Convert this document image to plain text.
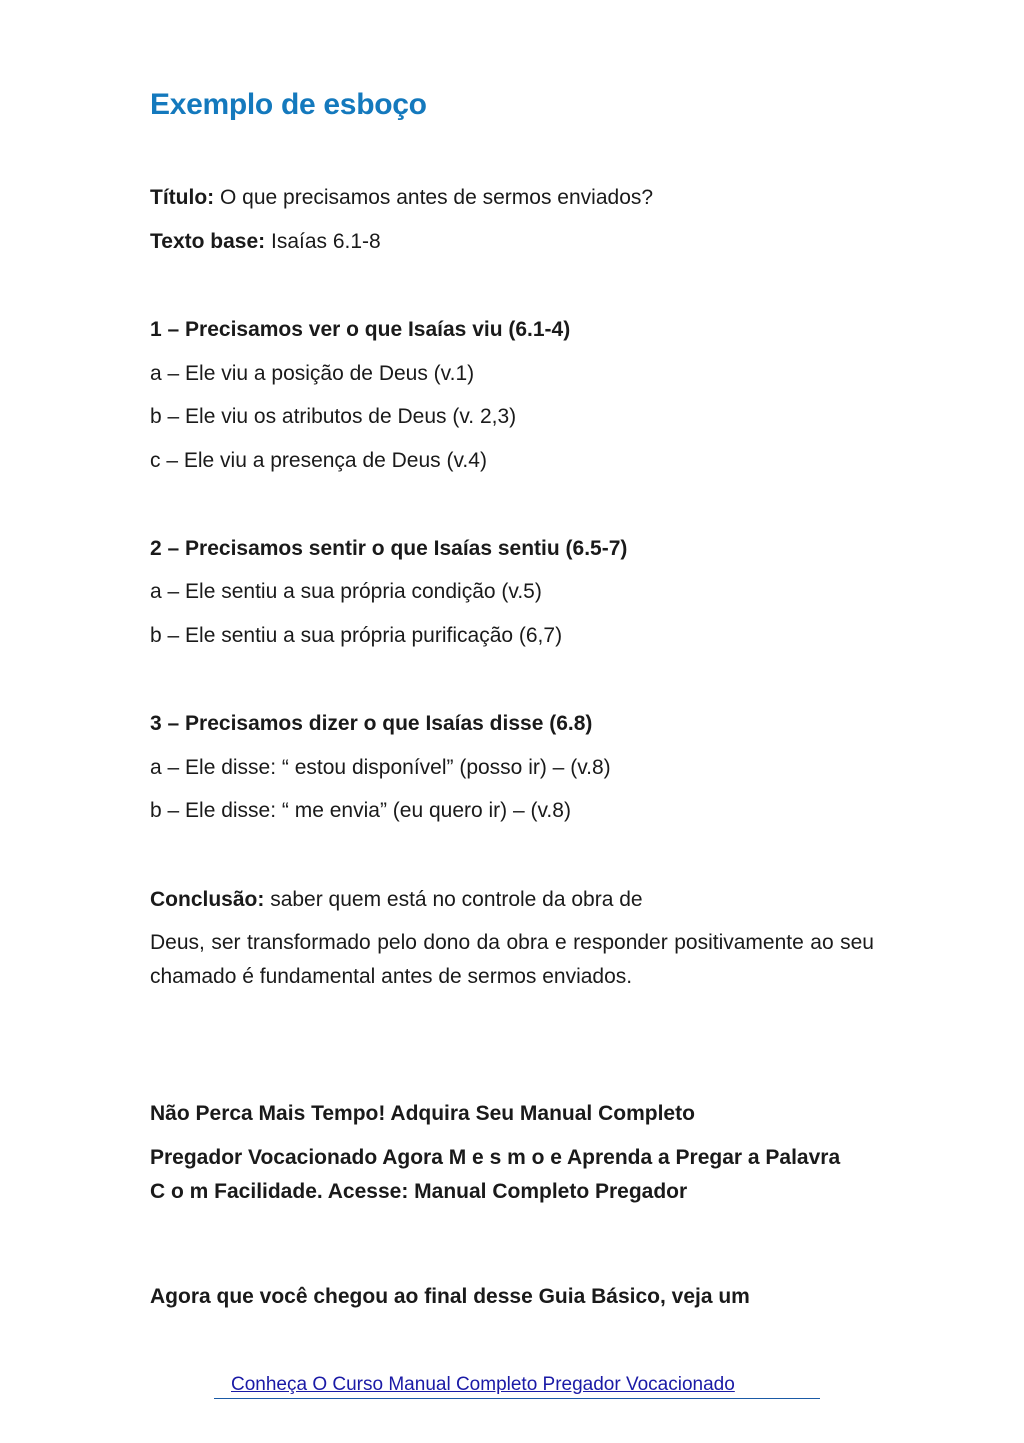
Exemplo de esboço
Título: O que precisamos antes de sermos enviados?
Texto base: Isaías 6.1-8
1 – Precisamos ver o que Isaías viu (6.1-4)
a – Ele viu a posição de Deus (v.1)
b – Ele viu os atributos de Deus (v. 2,3)
c – Ele viu a presença de Deus (v.4)
2 – Precisamos sentir o que Isaías sentiu (6.5-7)
a – Ele sentiu a sua própria condição (v.5)
b – Ele sentiu a sua própria purificação (6,7)
3 – Precisamos dizer o que Isaías disse (6.8)
a – Ele disse: “ estou disponível” (posso ir) – (v.8)
b – Ele disse: “ me envia” (eu quero ir) – (v.8)
Conclusão: saber quem está no controle da obra de
Deus, ser transformado pelo dono da obra e responder positivamente ao seu chamado é fundamental antes de sermos enviados.
Não Perca Mais Tempo! Adquira Seu Manual Completo
Pregador Vocacionado Agora M e s m o e Aprenda a Pregar a Palavra C o m Facilidade. Acesse: Manual Completo Pregador
Agora que você chegou ao final desse Guia Básico, veja um
Conheça O Curso Manual Completo Pregador Vocacionado
